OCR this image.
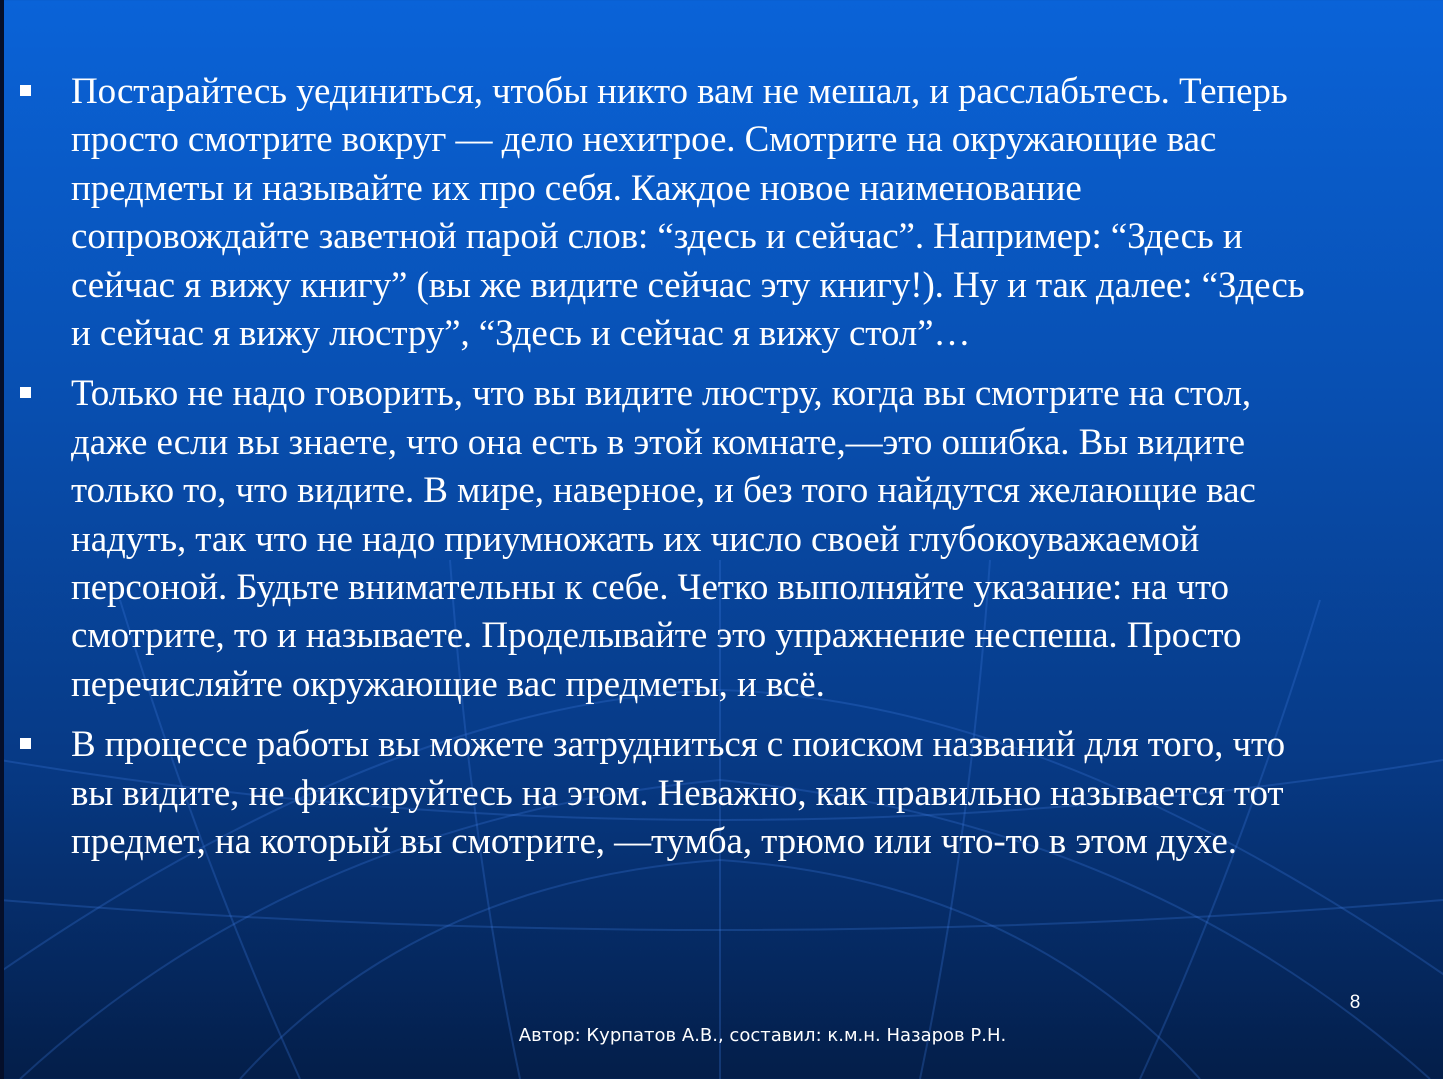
Постарайтесь уединиться, чтобы никто вам не мешал, и расслабьтесь. Теперь
просто смотрите вокруг — дело нехитрое. Смотрите на окружающие вас
предметы и называйте их про себя. Каждое новое наименование
сопровождайте заветной парой слов: “здесь и сейчас”. Например: “Здесь и
сейчас я вижу книгу” (вы же видите сейчас эту книгу!). Ну и так далее: “Здесь
и сейчас я вижу люстру”, “Здесь и сейчас я вижу стол”…
Только не надо говорить, что вы видите люстру, когда вы смотрите на стол,
даже если вы знаете, что она есть в этой комнате,—это ошибка. Вы видите
только то, что видите. В мире, наверное, и без того найдутся желающие вас
надуть, так что не надо приумножать их число своей глубокоуважаемой
персоной. Будьте внимательны к себе. Четко выполняйте указание: на что
смотрите, то и называете. Проделывайте это упражнение неспеша. Просто
перечисляйте окружающие вас предметы, и всё.
В процессе работы вы можете затрудниться с поиском названий для того, что
вы видите, не фиксируйтесь на этом. Неважно, как правильно называется тот
предмет, на который вы смотрите, —тумба, трюмо или что-то в этом духе.
8
Автор: Курпатов А.В., составил: к.м.н. Назаров Р.Н.
